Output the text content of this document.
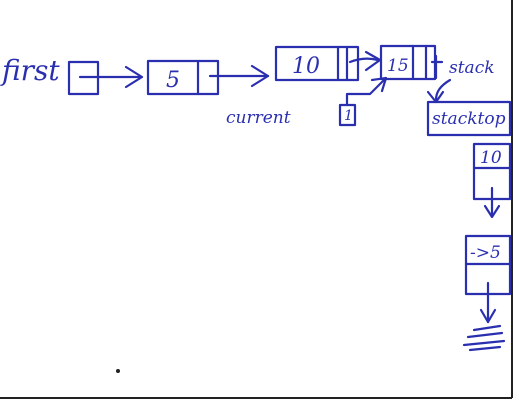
first	5
10	15 stack
current	1	stacktop
10
->5
